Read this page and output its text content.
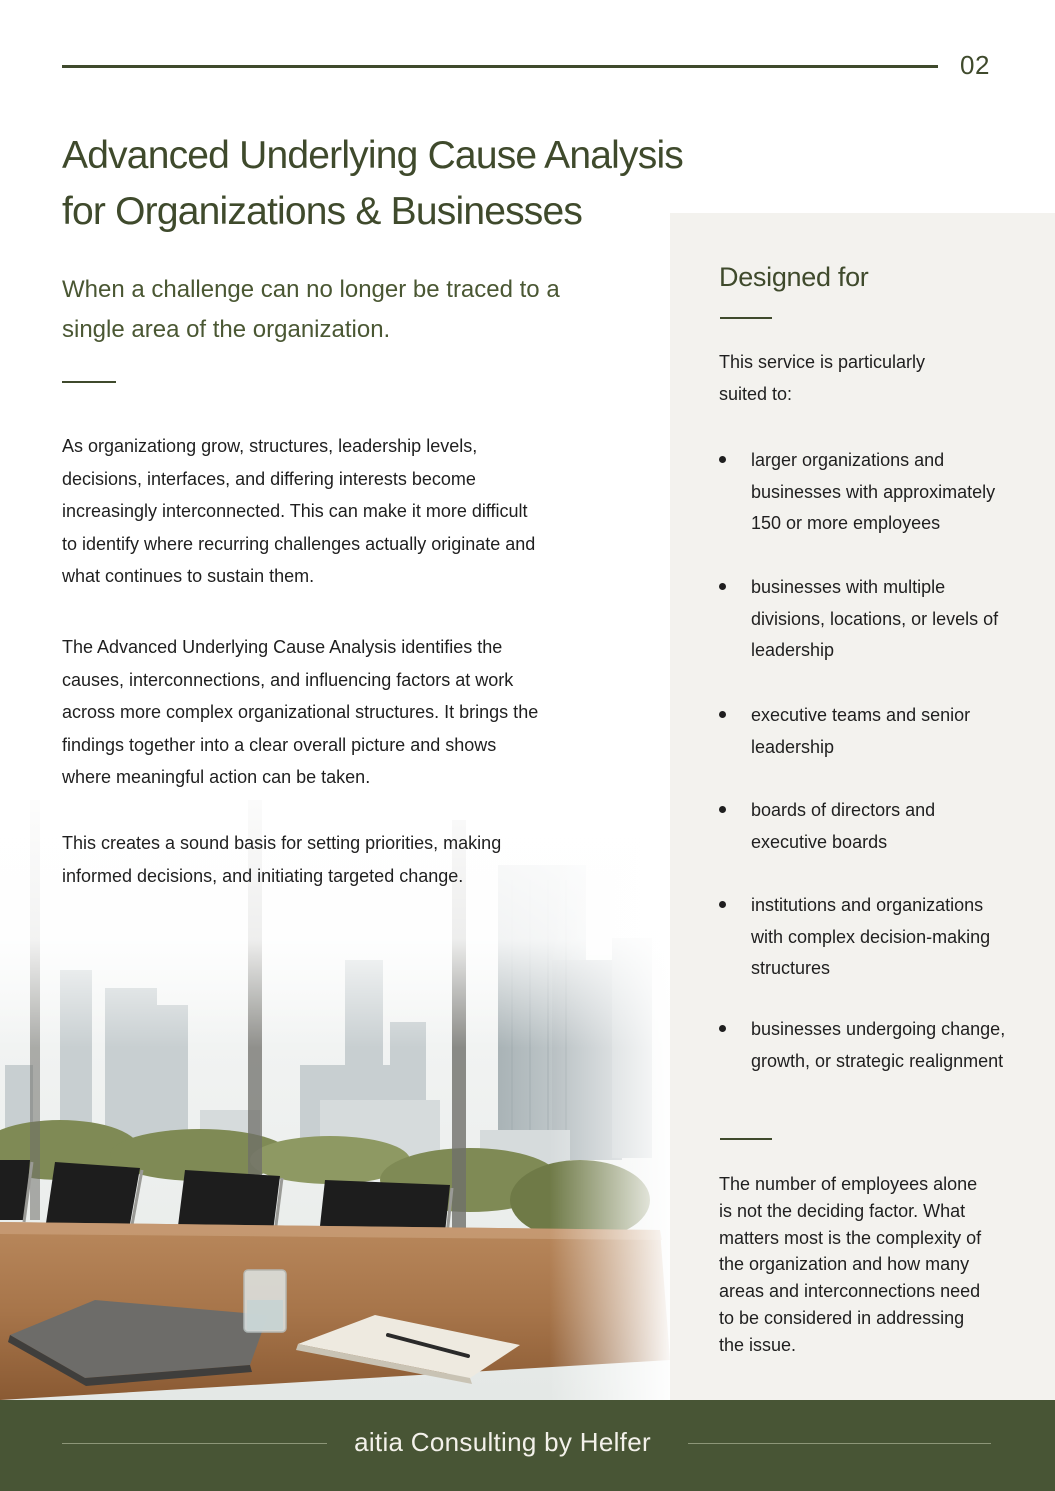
02
Advanced Underlying Cause Analysis for Organizations & Businesses
When a challenge can no longer be traced to a single area of the organization.

As organizationg grow, structures, leadership levels, decisions, interfaces, and differing interests become increasingly interconnected. This can make it more difficult to identify where recurring challenges actually originate and what continues to sustain them.

The Advanced Underlying Cause Analysis identifies the causes, interconnections, and influencing factors at work across more complex organizational structures. It brings the findings together into a clear overall picture and shows where meaningful action can be taken.

This creates a sound basis for setting priorities, making informed decisions, and initiating targeted change.

Designed for

This service is particularly suited to:

larger organizations and businesses with approximately 150 or more employees
businesses with multiple divisions, locations, or levels of leadership
executive teams and senior leadership
boards of directors and executive boards
institutions and organizations with complex decision-making structures
businesses undergoing change, growth, or strategic realignment

The number of employees alone is not the deciding factor. What matters most is the complexity of the organization and how many areas and interconnections need to be considered in addressing the issue.

aitia Consulting by Helfer
